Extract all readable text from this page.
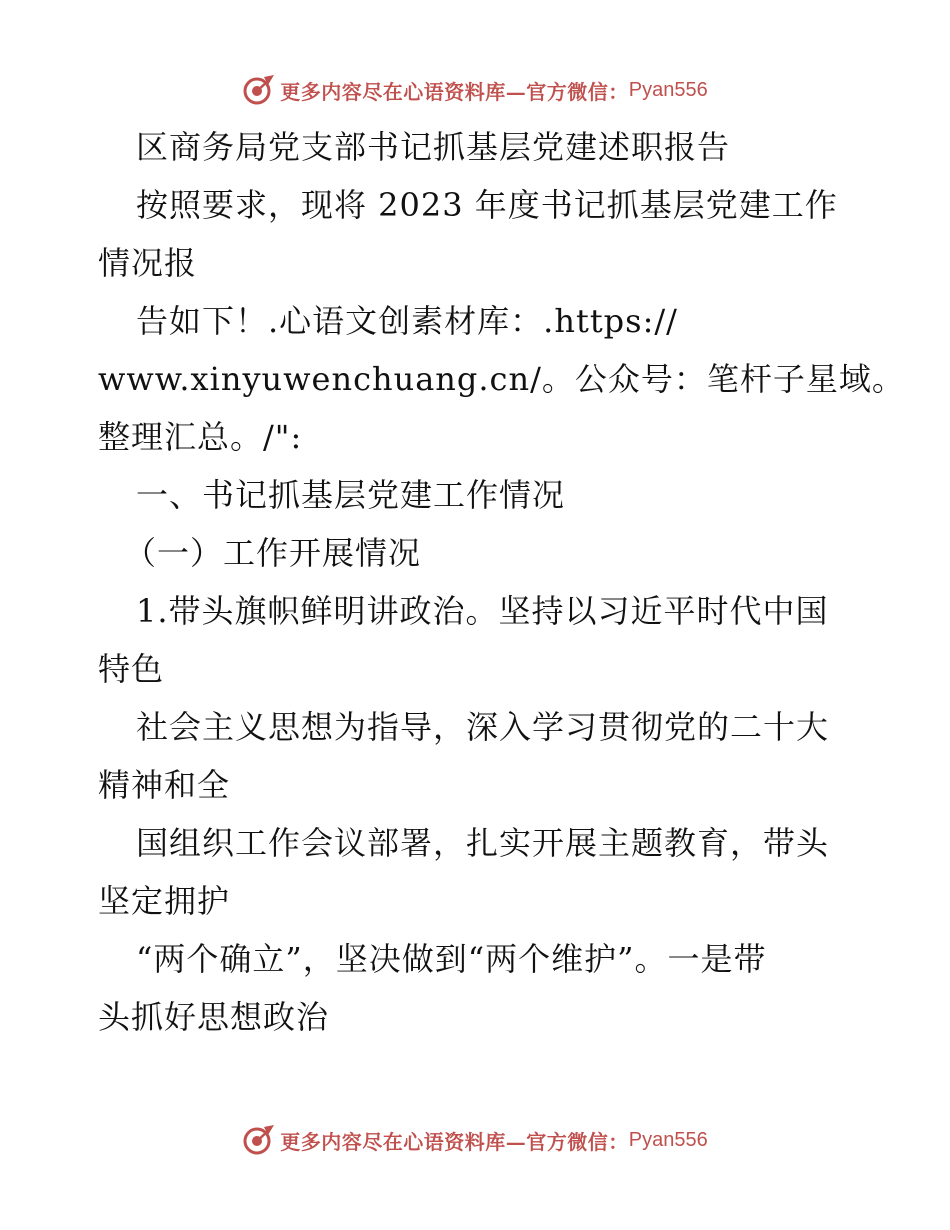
更多内容尽在心语资料库—官方微信： Pyan556
区商务局党支部书记抓基层党建述职报告
按照要求，现将 2023 年度书记抓基层党建工作
情况报
告如下！.心语文创素材库：.https://
www.xinyuwenchuang.cn/。公众号：笔杆子星域。
整理汇总。/":
一、书记抓基层党建工作情况
（一）工作开展情况
1.带头旗帜鲜明讲政治。坚持以习近平时代中国
特色
社会主义思想为指导，深入学习贯彻党的二十大
精神和全
国组织工作会议部署，扎实开展主题教育，带头
坚定拥护
“两个确立”，坚决做到“两个维护”。一是带
头抓好思想政治
更多内容尽在心语资料库—官方微信： Pyan556
